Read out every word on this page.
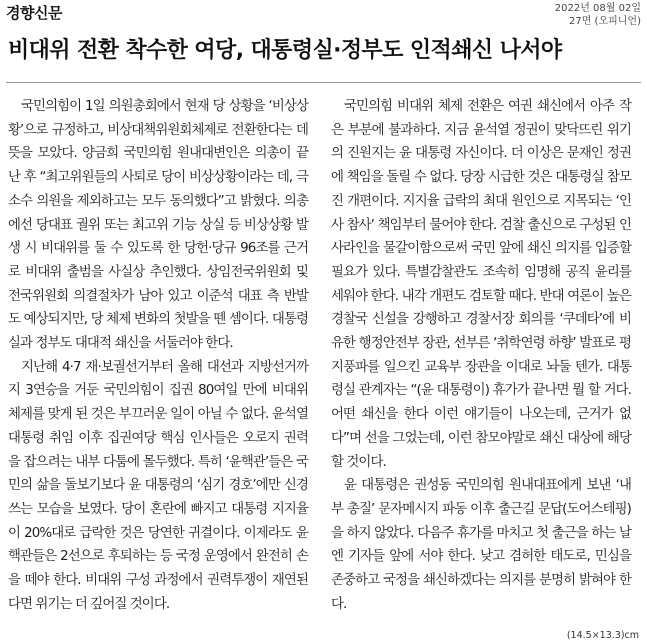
경향신문	2022년 08월 02일
27면 (오피니언)
비대위 전환 착수한 여당, 대통령실·정부도 인적쇄신 나서야

국민의힘이 1일 의원총회에서 현재 당 상황을 ‘비상상황’으로 규정하고, 비상대책위원회체제로 전환한다는 데 뜻을 모았다. 양금희 국민의힘 원내대변인은 의총이 끝난 후 “최고위원들의 사퇴로 당이 비상상황이라는 데, 극소수 의원을 제외하고는 모두 동의했다”고 밝혔다. 의총에선 당대표 궐위 또는 최고위 기능 상실 등 비상상황 발생 시 비대위를 둘 수 있도록 한 당헌·당규 96조를 근거로 비대위 출범을 사실상 추인했다. 상임전국위원회 및 전국위원회 의결절차가 남아 있고 이준석 대표 측 반발도 예상되지만, 당 체제 변화의 첫발을 뗀 셈이다. 대통령실과 정부도 대대적 쇄신을 서둘러야 한다.

지난해 4·7 재·보궐선거부터 올해 대선과 지방선거까지 3연승을 거둔 국민의힘이 집권 80여일 만에 비대위 체제를 맞게 된 것은 부끄러운 일이 아닐 수 없다. 윤석열 대통령 취임 이후 집권여당 핵심 인사들은 오로지 권력을 잡으려는 내부 다툼에 몰두했다. 특히 ‘윤핵관’들은 국민의 삶을 돌보기보다 윤 대통령의 ‘심기 경호’에만 신경쓰는 모습을 보였다. 당이 혼란에 빠지고 대통령 지지율이 20%대로 급락한 것은 당연한 귀결이다. 이제라도 윤핵관들은 2선으로 후퇴하는 등 국정 운영에서 완전히 손을 떼야 한다. 비대위 구성 과정에서 권력투쟁이 재연된다면 위기는 더 깊어질 것이다.

국민의힘 비대위 체제 전환은 여권 쇄신에서 아주 작은 부분에 불과하다. 지금 윤석열 정권이 맞닥뜨린 위기의 진원지는 윤 대통령 자신이다. 더 이상은 문재인 정권에 책임을 돌릴 수 없다. 당장 시급한 것은 대통령실 참모진 개편이다. 지지율 급락의 최대 원인으로 지목되는 ‘인사 참사’ 책임부터 물어야 한다. 검찰 출신으로 구성된 인사라인을 물갈이함으로써 국민 앞에 쇄신 의지를 입증할 필요가 있다. 특별감찰관도 조속히 임명해 공직 윤리를 세워야 한다. 내각 개편도 검토할 때다. 반대 여론이 높은 경찰국 신설을 강행하고 경찰서장 회의를 ‘쿠데타’에 비유한 행정안전부 장관, 선부른 ‘취학연령 하향’ 발표로 평지풍파를 일으킨 교육부 장관을 이대로 놔둘 텐가. 대통령실 관계자는 “(윤 대통령이) 휴가가 끝나면 뭘 할 거다. 어떤 쇄신을 한다 이런 얘기들이 나오는데, 근거가 없다”며 선을 그었는데, 이런 참모야말로 쇄신 대상에 해당할 것이다.

윤 대통령은 권성동 국민의힘 원내대표에게 보낸 ‘내부 총질’ 문자메시지 파동 이후 출근길 문답(도어스테핑)을 하지 않았다. 다음주 휴가를 마치고 첫 출근을 하는 날엔 기자들 앞에 서야 한다. 낮고 겸허한 태도로, 민심을 존중하고 국정을 쇄신하겠다는 의지를 분명히 밝혀야 한다.

(14.5×13.3)cm
